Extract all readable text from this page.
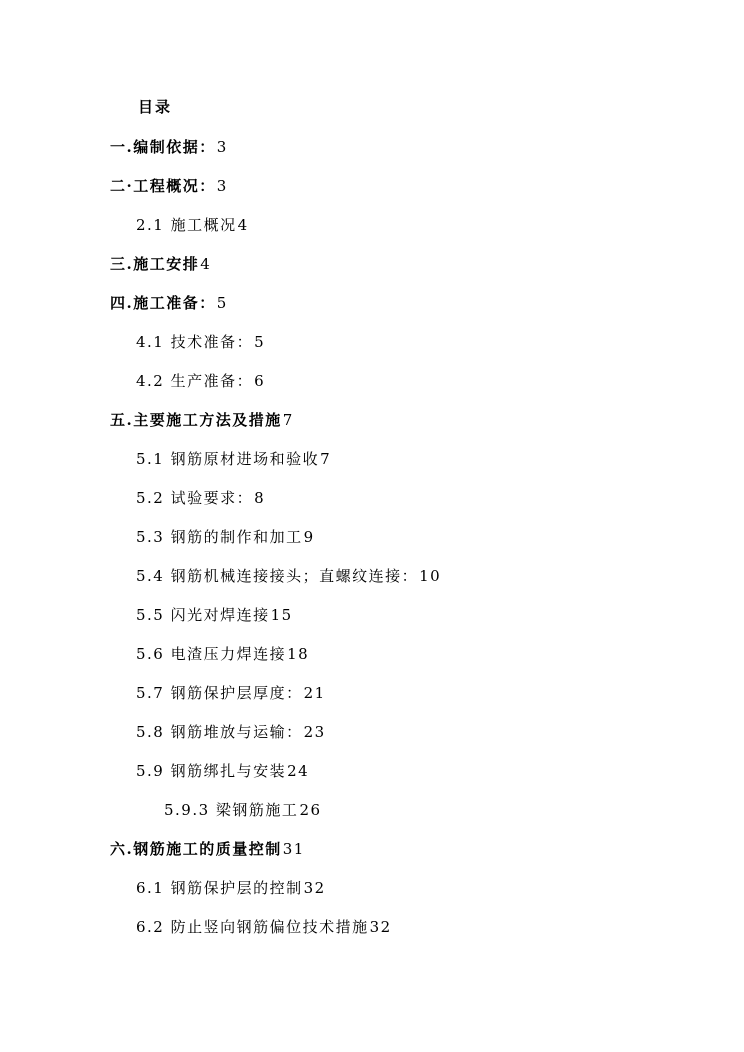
目录
一.编制依据：3
二·工程概况：3
2.1 施工概况4
三.施工安排4
四.施工准备：5
4.1 技术准备：5
4.2 生产准备：6
五.主要施工方法及措施7
5.1 钢筋原材进场和验收7
5.2 试验要求：8
5.3 钢筋的制作和加工9
5.4 钢筋机械连接接头；直螺纹连接：10
5.5 闪光对焊连接15
5.6 电渣压力焊连接18
5.7 钢筋保护层厚度：21
5.8 钢筋堆放与运输：23
5.9 钢筋绑扎与安装24
5.9.3 梁钢筋施工26
六.钢筋施工的质量控制31
6.1 钢筋保护层的控制32
6.2 防止竖向钢筋偏位技术措施32
